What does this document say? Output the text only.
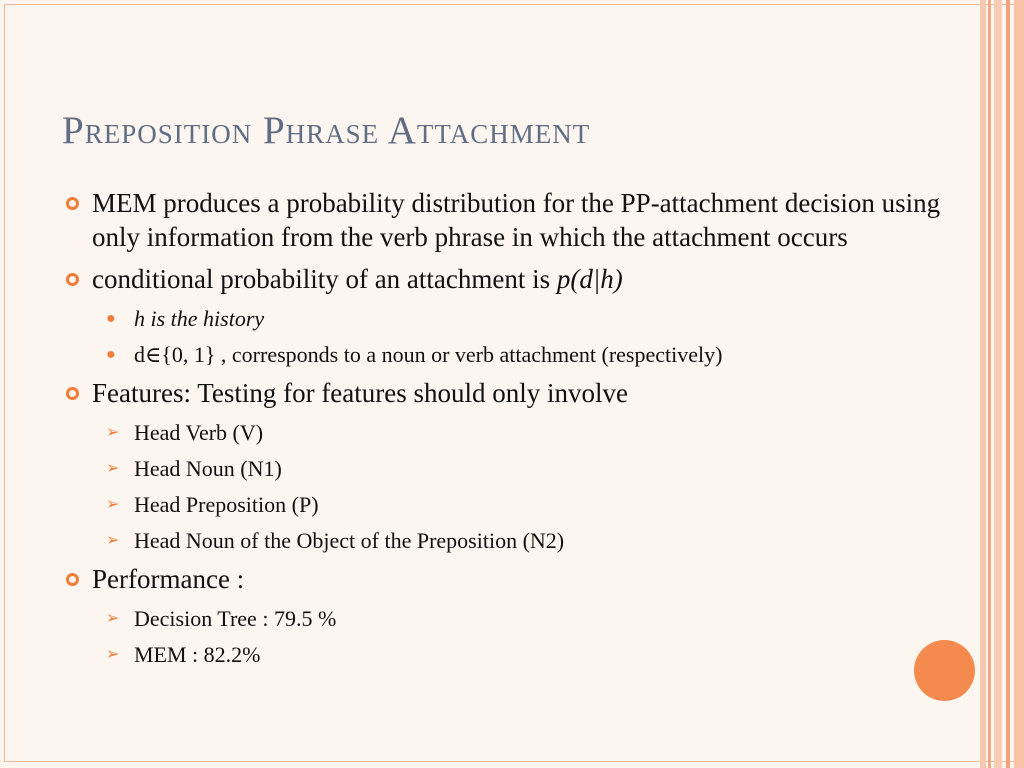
Preposition Phrase Attachment
MEM produces a probability distribution for the PP-attachment decision using only information from the verb phrase in which the attachment occurs
conditional probability of an attachment is p(d|h)
● h is the history
● d∈{0, 1} , corresponds to a noun or verb attachment (respectively)
Features: Testing for features should only involve
➢ Head Verb (V)
➢ Head Noun (N1)
➢ Head Preposition (P)
➢ Head Noun of the Object of the Preposition (N2)
Performance :
➢ Decision Tree : 79.5 %
➢ MEM : 82.2%
